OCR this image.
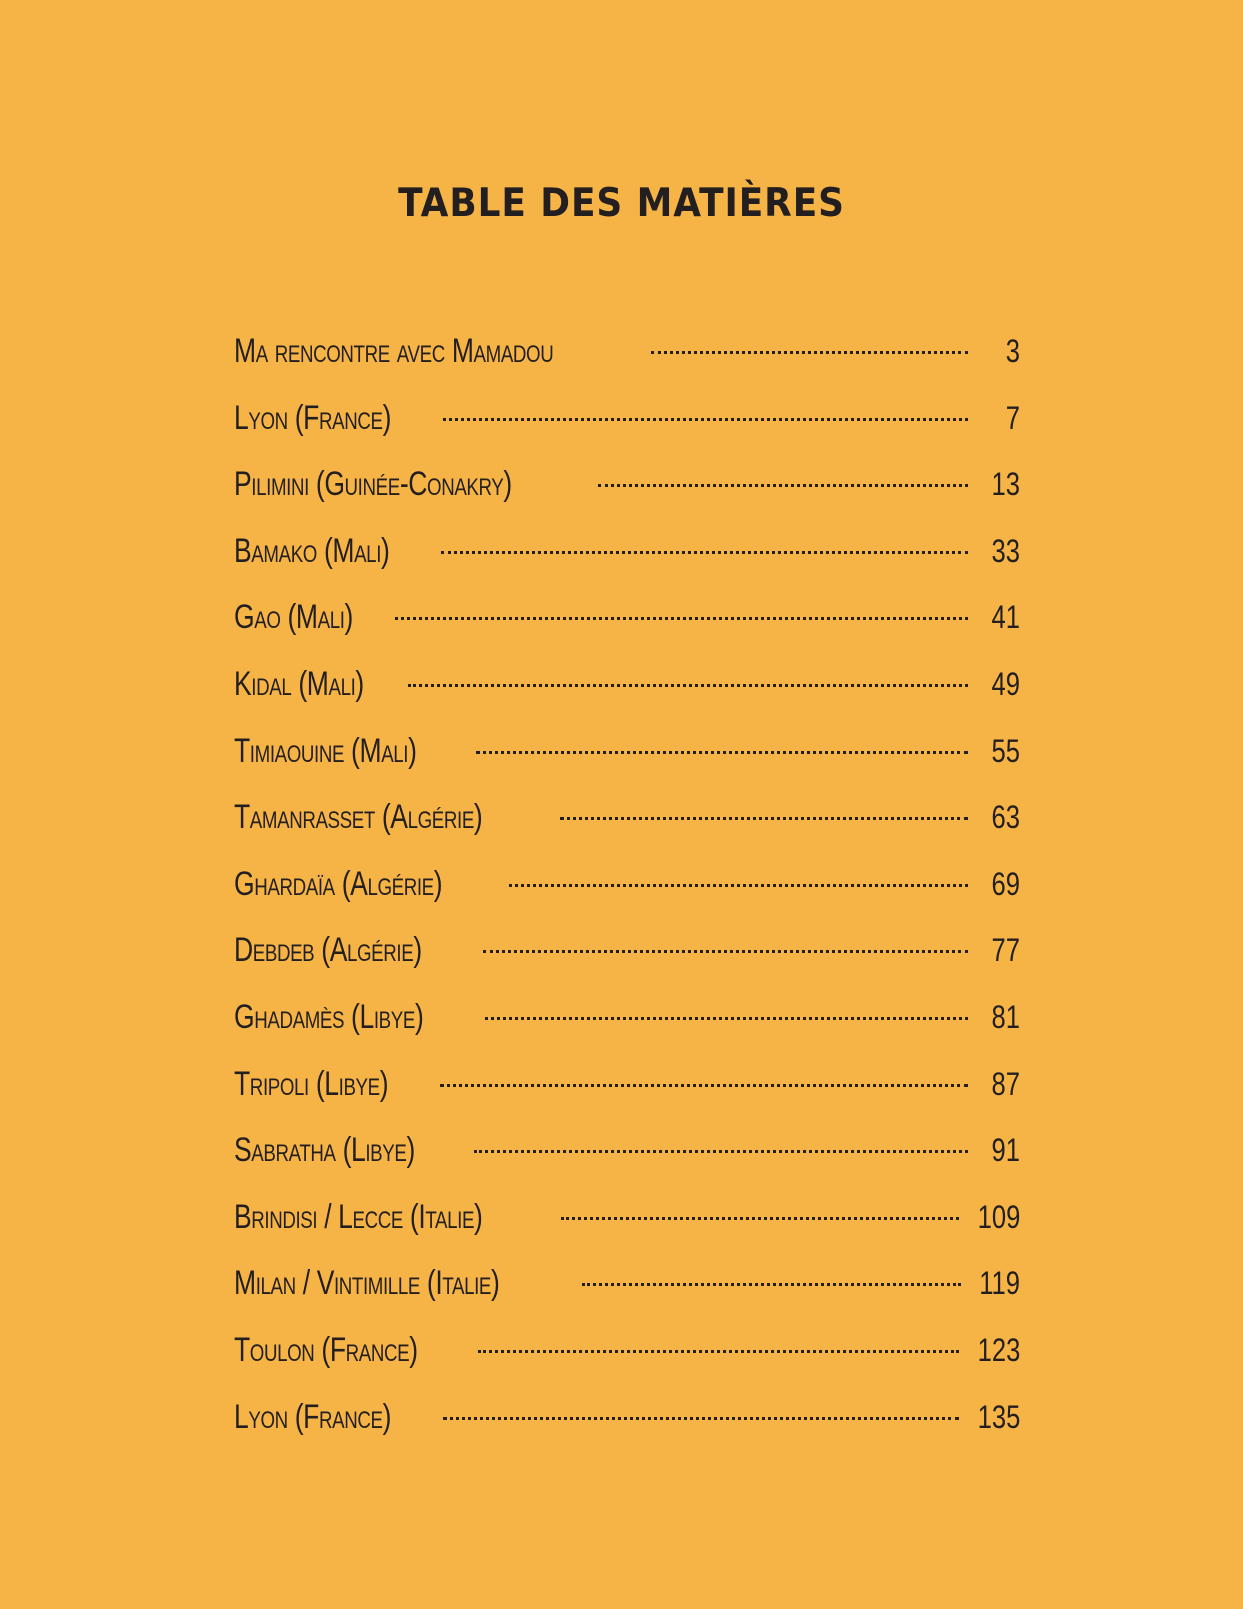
TABLE DES MATIÈRES
Ma rencontre avec Mamadou	3
Lyon (France)	7
Pilimini (Guinée-Conakry)	13
Bamako (Mali)	33
Gao (Mali)	41
Kidal (Mali)	49
Timiaouine (Mali)	55
Tamanrasset (Algérie)	63
Ghardaïa (Algérie)	69
Debdeb (Algérie)	77
Ghadamès (Libye)	81
Tripoli (Libye)	87
Sabratha (Libye)	91
Brindisi / Lecce (Italie)	109
Milan / Vintimille (Italie)	119
Toulon (France)	123
Lyon (France)	135
